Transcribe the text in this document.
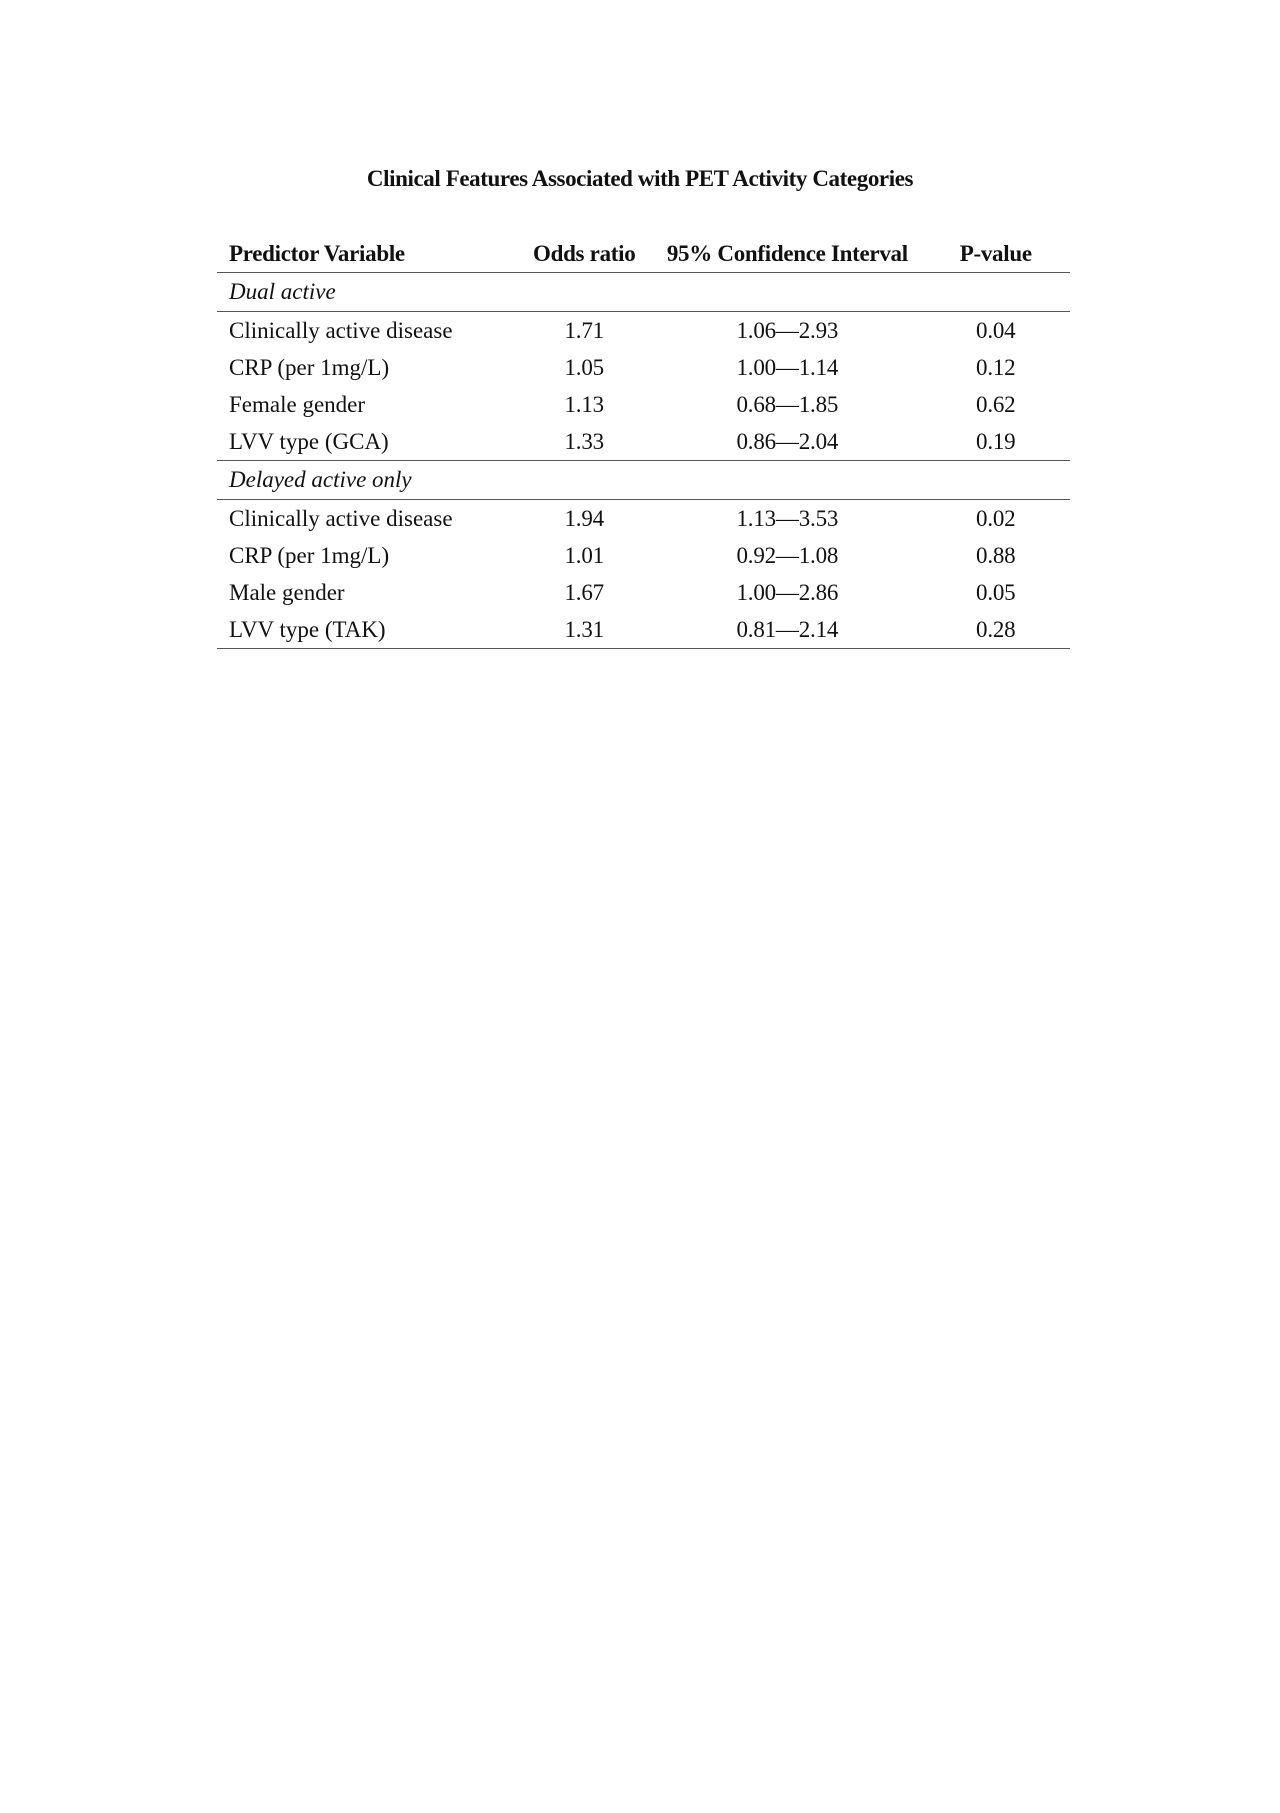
Clinical Features Associated with PET Activity Categories
Predictor Variable	Odds ratio	95% Confidence Interval	P-value
Dual active			
Clinically active disease	1.71	1.06—2.93	0.04
CRP (per 1mg/L)	1.05	1.00—1.14	0.12
Female gender	1.13	0.68—1.85	0.62
LVV type (GCA)	1.33	0.86—2.04	0.19
Delayed active only			
Clinically active disease	1.94	1.13—3.53	0.02
CRP (per 1mg/L)	1.01	0.92—1.08	0.88
Male gender	1.67	1.00—2.86	0.05
LVV type (TAK)	1.31	0.81—2.14	0.28
